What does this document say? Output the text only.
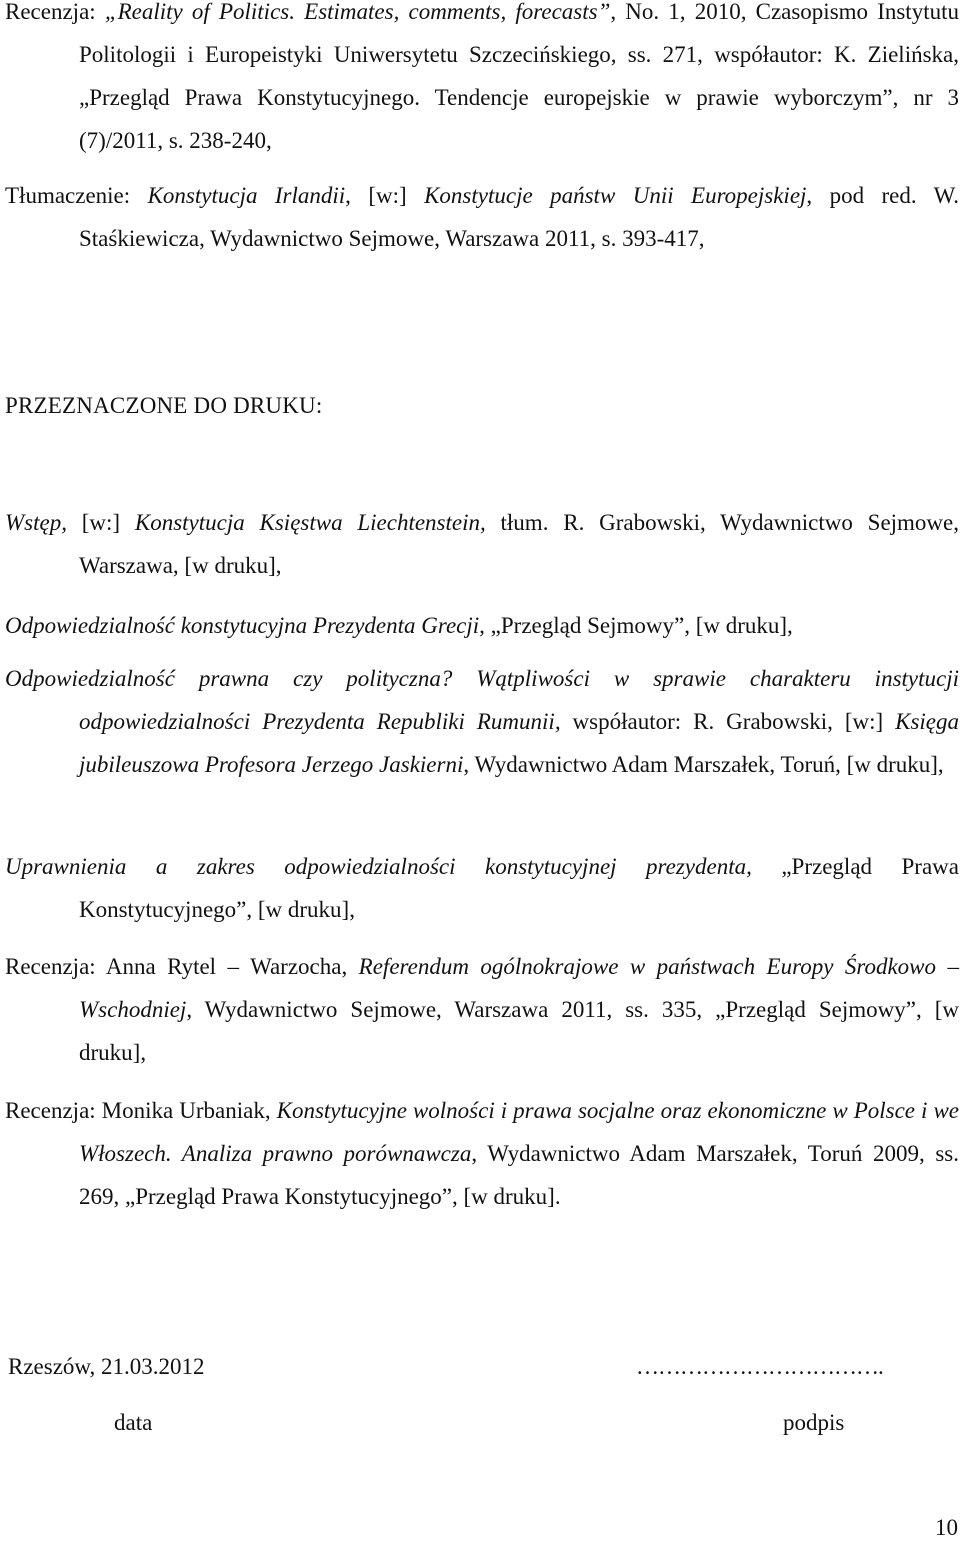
Recenzja: „Reality of Politics. Estimates, comments, forecasts”, No. 1, 2010, Czasopismo Instytutu Politologii i Europeistyki Uniwersytetu Szczecińskiego, ss. 271, współautor: K. Zielińska, „Przegląd Prawa Konstytucyjnego. Tendencje europejskie w prawie wyborczym”, nr 3 (7)/2011, s. 238-240,

Tłumaczenie: Konstytucja Irlandii, [w:] Konstytucje państw Unii Europejskiej, pod red. W. Staśkiewicza, Wydawnictwo Sejmowe, Warszawa 2011, s. 393-417,

PRZEZNACZONE DO DRUKU:

Wstęp, [w:] Konstytucja Księstwa Liechtenstein, tłum. R. Grabowski, Wydawnictwo Sejmowe, Warszawa, [w druku],

Odpowiedzialność konstytucyjna Prezydenta Grecji, „Przegląd Sejmowy”, [w druku],

Odpowiedzialność prawna czy polityczna? Wątpliwości w sprawie charakteru instytucji odpowiedzialności Prezydenta Republiki Rumunii, współautor: R. Grabowski, [w:] Księga jubileuszowa Profesora Jerzego Jaskierni, Wydawnictwo Adam Marszałek, Toruń, [w druku],

Uprawnienia a zakres odpowiedzialności konstytucyjnej prezydenta, „Przegląd Prawa Konstytucyjnego”, [w druku],

Recenzja: Anna Rytel – Warzocha, Referendum ogólnokrajowe w państwach Europy Środkowo – Wschodniej, Wydawnictwo Sejmowe, Warszawa 2011, ss. 335, „Przegląd Sejmowy”, [w druku],

Recenzja: Monika Urbaniak, Konstytucyjne wolności i prawa socjalne oraz ekonomiczne w Polsce i we Włoszech. Analiza prawno porównawcza, Wydawnictwo Adam Marszałek, Toruń 2009, ss. 269, „Przegląd Prawa Konstytucyjnego”, [w druku].

Rzeszów, 21.03.2012	…………………………….
data	podpis
10
